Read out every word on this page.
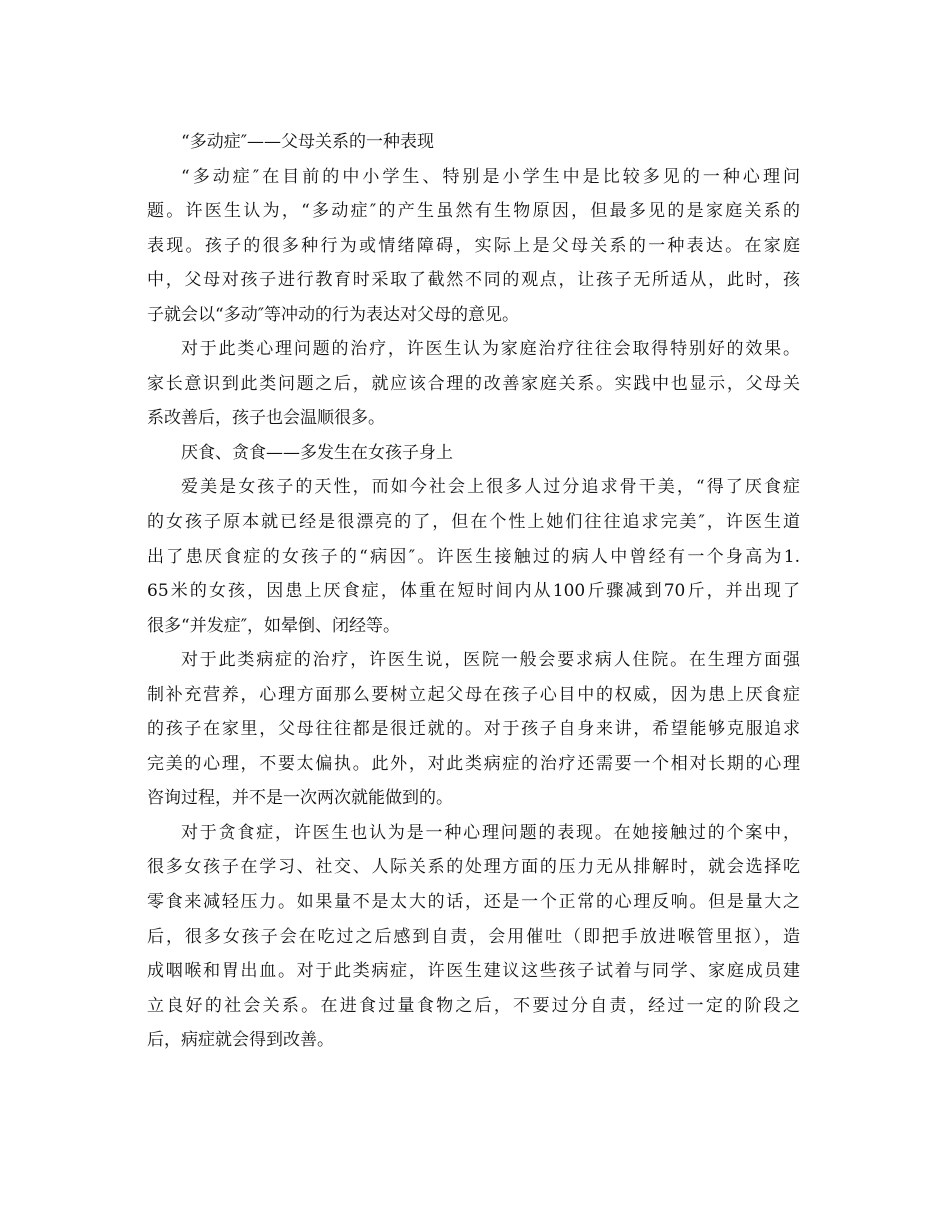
“多动症″——父母关系的一种表现
“多动症″在目前的中小学生、特别是小学生中是比较多见的一种心理问
题。许医生认为，“多动症″的产生虽然有生物原因，但最多见的是家庭关系的
表现。孩子的很多种行为或情绪障碍，实际上是父母关系的一种表达。在家庭
中，父母对孩子进行教育时采取了截然不同的观点，让孩子无所适从，此时，孩
子就会以“多动″等冲动的行为表达对父母的意见。
对于此类心理问题的治疗，许医生认为家庭治疗往往会取得特别好的效果。
家长意识到此类问题之后，就应该合理的改善家庭关系。实践中也显示，父母关
系改善后，孩子也会温顺很多。
厌食、贪食——多发生在女孩子身上
爱美是女孩子的天性，而如今社会上很多人过分追求骨干美，“得了厌食症
的女孩子原本就已经是很漂亮的了，但在个性上她们往往追求完美″，许医生道
出了患厌食症的女孩子的“病因″。许医生接触过的病人中曾经有一个身高为1.
65米的女孩，因患上厌食症，体重在短时间内从100斤骤减到70斤，并出现了
很多“并发症″，如晕倒、闭经等。
对于此类病症的治疗，许医生说，医院一般会要求病人住院。在生理方面强
制补充营养，心理方面那么要树立起父母在孩子心目中的权威，因为患上厌食症
的孩子在家里，父母往往都是很迁就的。对于孩子自身来讲，希望能够克服追求
完美的心理，不要太偏执。此外，对此类病症的治疗还需要一个相对长期的心理
咨询过程，并不是一次两次就能做到的。
对于贪食症，许医生也认为是一种心理问题的表现。在她接触过的个案中，
很多女孩子在学习、社交、人际关系的处理方面的压力无从排解时，就会选择吃
零食来减轻压力。如果量不是太大的话，还是一个正常的心理反响。但是量大之
后，很多女孩子会在吃过之后感到自责，会用催吐（即把手放进喉管里抠），造
成咽喉和胃出血。对于此类病症，许医生建议这些孩子试着与同学、家庭成员建
立良好的社会关系。在进食过量食物之后，不要过分自责，经过一定的阶段之
后，病症就会得到改善。
